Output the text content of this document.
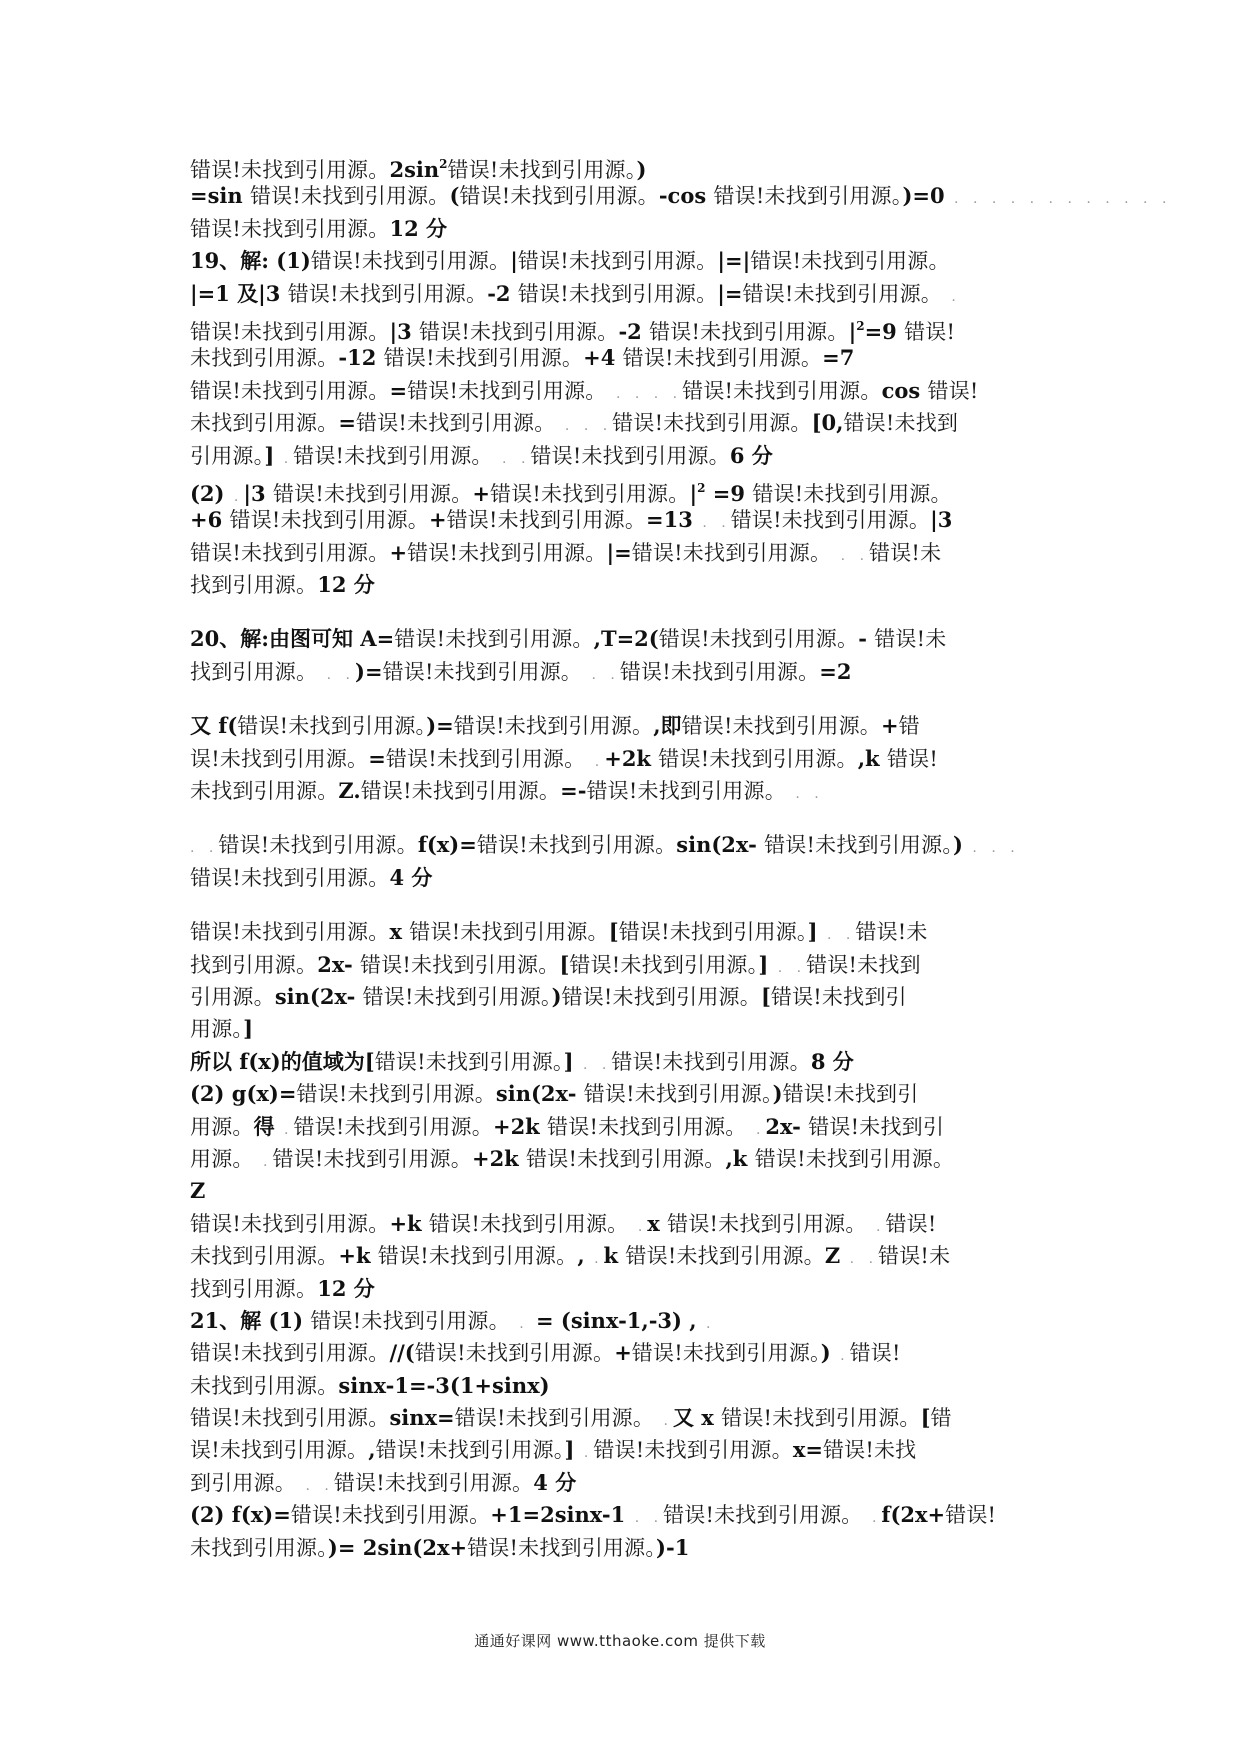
错误!未找到引用源。$2\sin^2$错误!未找到引用源。)
=sin 错误!未找到引用源。(错误!未找到引用源。-cos 错误!未找到引用源。)=0 . . . . . . . . . . . .
错误!未找到引用源。12 分
19、解: (1)错误!未找到引用源。|错误!未找到引用源。|=|错误!未找到引用源。
|=1 及|3 错误!未找到引用源。-2 错误!未找到引用源。|=错误!未找到引用源。 .
错误!未找到引用源。|3 错误!未找到引用源。-2 错误!未找到引用源。$|^2=9$ 错误!
未找到引用源。-12 错误!未找到引用源。+4 错误!未找到引用源。=7
错误!未找到引用源。=错误!未找到引用源。 . . . .错误!未找到引用源。cos 错误!
未找到引用源。=错误!未找到引用源。 . . .错误!未找到引用源。[0,错误!未找到
引用源。] .错误!未找到引用源。 . .错误!未找到引用源。6 分
(2) .|3 错误!未找到引用源。+错误!未找到引用源。$|^2 =9$ 错误!未找到引用源。
+6 错误!未找到引用源。+错误!未找到引用源。=13 . .错误!未找到引用源。|3
错误!未找到引用源。+错误!未找到引用源。|=错误!未找到引用源。 . .错误!未
找到引用源。12 分
20、解:由图可知 A=错误!未找到引用源。,T=2(错误!未找到引用源。- 错误!未
找到引用源。 . .)=错误!未找到引用源。 . .错误!未找到引用源。=2
又 f(错误!未找到引用源。)=错误!未找到引用源。,即错误!未找到引用源。+错
误!未找到引用源。=错误!未找到引用源。 .+2k 错误!未找到引用源。,k 错误!
未找到引用源。Z.错误!未找到引用源。=-错误!未找到引用源。 . .
. .错误!未找到引用源。f(x)=错误!未找到引用源。sin(2x- 错误!未找到引用源。) . . .
错误!未找到引用源。4 分
错误!未找到引用源。x 错误!未找到引用源。[错误!未找到引用源。] . .错误!未
找到引用源。2x- 错误!未找到引用源。[错误!未找到引用源。] . .错误!未找到
引用源。sin(2x- 错误!未找到引用源。)错误!未找到引用源。[错误!未找到引
用源。]
所以 f(x)的值域为[错误!未找到引用源。] . .错误!未找到引用源。8 分
(2) g(x)=错误!未找到引用源。sin(2x- 错误!未找到引用源。)错误!未找到引
用源。得 .错误!未找到引用源。+2k 错误!未找到引用源。 .2x- 错误!未找到引
用源。 .错误!未找到引用源。+2k 错误!未找到引用源。,k 错误!未找到引用源。
Z
错误!未找到引用源。+k 错误!未找到引用源。 .x 错误!未找到引用源。 .错误!
未找到引用源。+k 错误!未找到引用源。, .k 错误!未找到引用源。Z . .错误!未
找到引用源。12 分
21、解 (1) 错误!未找到引用源。 . = (sinx-1,-3) , .
错误!未找到引用源。//(错误!未找到引用源。+错误!未找到引用源。) .错误!
未找到引用源。sinx-1=-3(1+sinx)
错误!未找到引用源。sinx=错误!未找到引用源。 .又 x 错误!未找到引用源。[错
误!未找到引用源。,错误!未找到引用源。] .错误!未找到引用源。x=错误!未找
到引用源。 . .错误!未找到引用源。4 分
(2) f(x)=错误!未找到引用源。+1=2sinx-1 . .错误!未找到引用源。 .f(2x+错误!
未找到引用源。)= 2sin(2x+错误!未找到引用源。)-1
通通好课网 www.tthaoke.com 提供下载
